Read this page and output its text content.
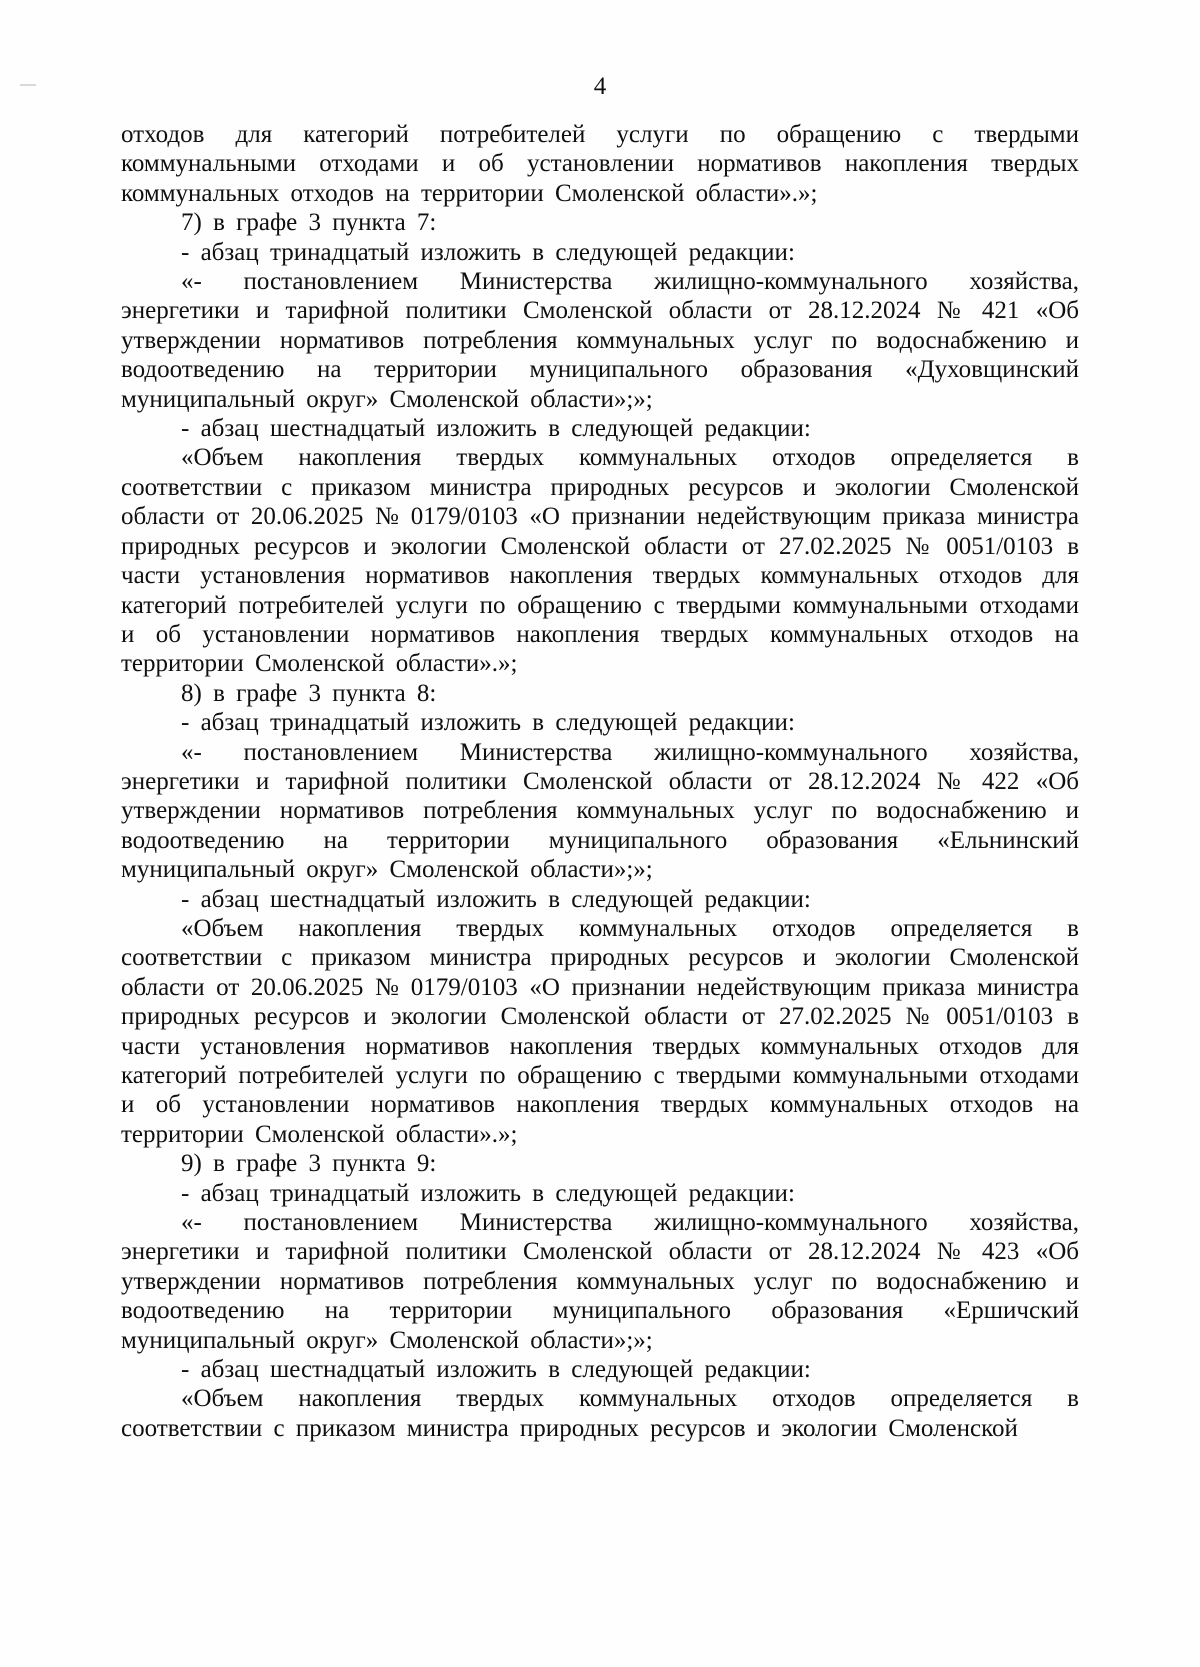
4

отходов для категорий потребителей услуги по обращению с твердыми коммунальными отходами и об установлении нормативов накопления твердых коммунальных отходов на территории Смоленской области».»;

7) в графе 3 пункта 7:

- абзац тринадцатый изложить в следующей редакции:

«- постановлением Министерства жилищно-коммунального хозяйства, энергетики и тарифной политики Смоленской области от 28.12.2024 № 421 «Об утверждении нормативов потребления коммунальных услуг по водоснабжению и водоотведению на территории муниципального образования «Духовщинский муниципальный округ» Смоленской области»;»;

- абзац шестнадцатый изложить в следующей редакции:

«Объем накопления твердых коммунальных отходов определяется в соответствии с приказом министра природных ресурсов и экологии Смоленской области от 20.06.2025 № 0179/0103 «О признании недействующим приказа министра природных ресурсов и экологии Смоленской области от 27.02.2025 № 0051/0103 в части установления нормативов накопления твердых коммунальных отходов для категорий потребителей услуги по обращению с твердыми коммунальными отходами и об установлении нормативов накопления твердых коммунальных отходов на территории Смоленской области».»;

8) в графе 3 пункта 8:

- абзац тринадцатый изложить в следующей редакции:

«- постановлением Министерства жилищно-коммунального хозяйства, энергетики и тарифной политики Смоленской области от 28.12.2024 № 422 «Об утверждении нормативов потребления коммунальных услуг по водоснабжению и водоотведению на территории муниципального образования «Ельнинский муниципальный округ» Смоленской области»;»;

- абзац шестнадцатый изложить в следующей редакции:

«Объем накопления твердых коммунальных отходов определяется в соответствии с приказом министра природных ресурсов и экологии Смоленской области от 20.06.2025 № 0179/0103 «О признании недействующим приказа министра природных ресурсов и экологии Смоленской области от 27.02.2025 № 0051/0103 в части установления нормативов накопления твердых коммунальных отходов для категорий потребителей услуги по обращению с твердыми коммунальными отходами и об установлении нормативов накопления твердых коммунальных отходов на территории Смоленской области».»;

9) в графе 3 пункта 9:

- абзац тринадцатый изложить в следующей редакции:

«- постановлением Министерства жилищно-коммунального хозяйства, энергетики и тарифной политики Смоленской области от 28.12.2024 № 423 «Об утверждении нормативов потребления коммунальных услуг по водоснабжению и водоотведению на территории муниципального образования «Ершичский муниципальный округ» Смоленской области»;»;

- абзац шестнадцатый изложить в следующей редакции:

«Объем накопления твердых коммунальных отходов определяется в соответствии с приказом министра природных ресурсов и экологии Смоленской
